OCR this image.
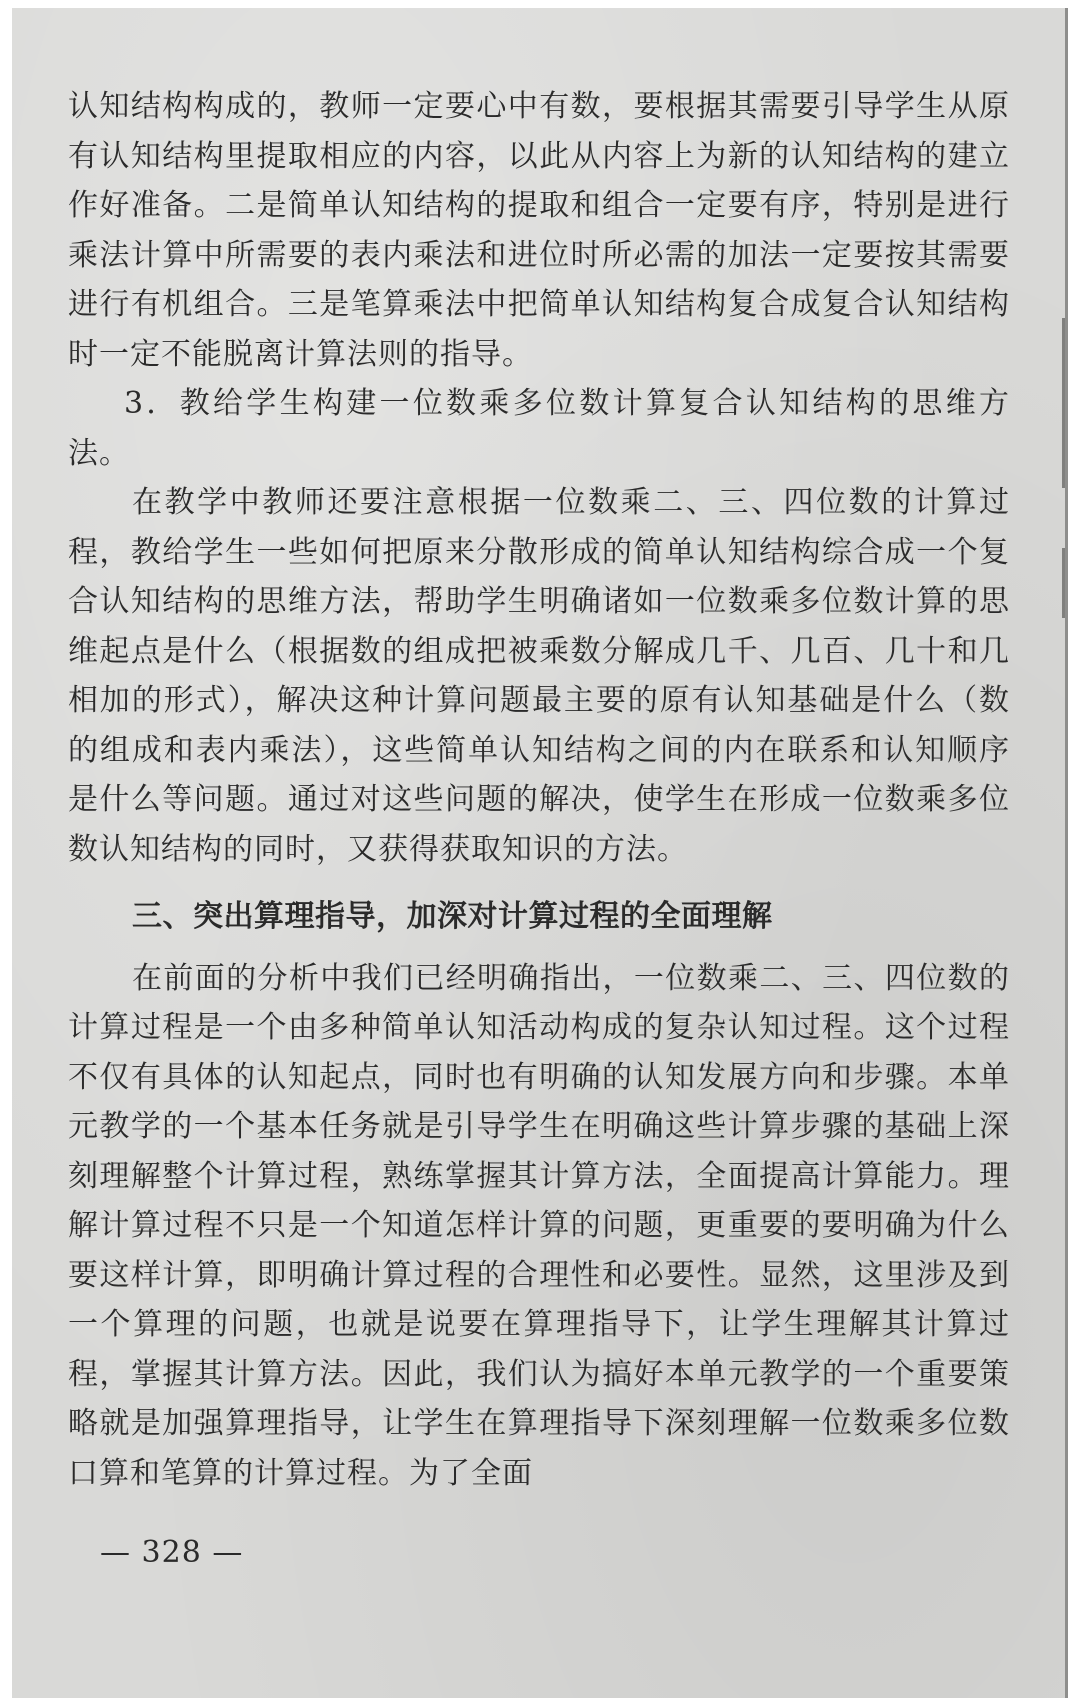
认知结构构成的，教师一定要心中有数，要根据其需要引导学生从原有认知结构里提取相应的内容，以此从内容上为新的认知结构的建立作好准备。二是简单认知结构的提取和组合一定要有序，特别是进行乘法计算中所需要的表内乘法和进位时所必需的加法一定要按其需要进行有机组合。三是笔算乘法中把简单认知结构复合成复合认知结构时一定不能脱离计算法则的指导。

3．教给学生构建一位数乘多位数计算复合认知结构的思维方法。

在教学中教师还要注意根据一位数乘二、三、四位数的计算过程，教给学生一些如何把原来分散形成的简单认知结构综合成一个复合认知结构的思维方法，帮助学生明确诸如一位数乘多位数计算的思维起点是什么（根据数的组成把被乘数分解成几千、几百、几十和几相加的形式），解决这种计算问题最主要的原有认知基础是什么（数的组成和表内乘法），这些简单认知结构之间的内在联系和认知顺序是什么等问题。通过对这些问题的解决，使学生在形成一位数乘多位数认知结构的同时，又获得获取知识的方法。

三、突出算理指导，加深对计算过程的全面理解

在前面的分析中我们已经明确指出，一位数乘二、三、四位数的计算过程是一个由多种简单认知活动构成的复杂认知过程。这个过程不仅有具体的认知起点，同时也有明确的认知发展方向和步骤。本单元教学的一个基本任务就是引导学生在明确这些计算步骤的基础上深刻理解整个计算过程，熟练掌握其计算方法，全面提高计算能力。理解计算过程不只是一个知道怎样计算的问题，更重要的要明确为什么要这样计算，即明确计算过程的合理性和必要性。显然，这里涉及到一个算理的问题，也就是说要在算理指导下，让学生理解其计算过程，掌握其计算方法。因此，我们认为搞好本单元教学的一个重要策略就是加强算理指导，让学生在算理指导下深刻理解一位数乘多位数口算和笔算的计算过程。为了全面

— 328 —
